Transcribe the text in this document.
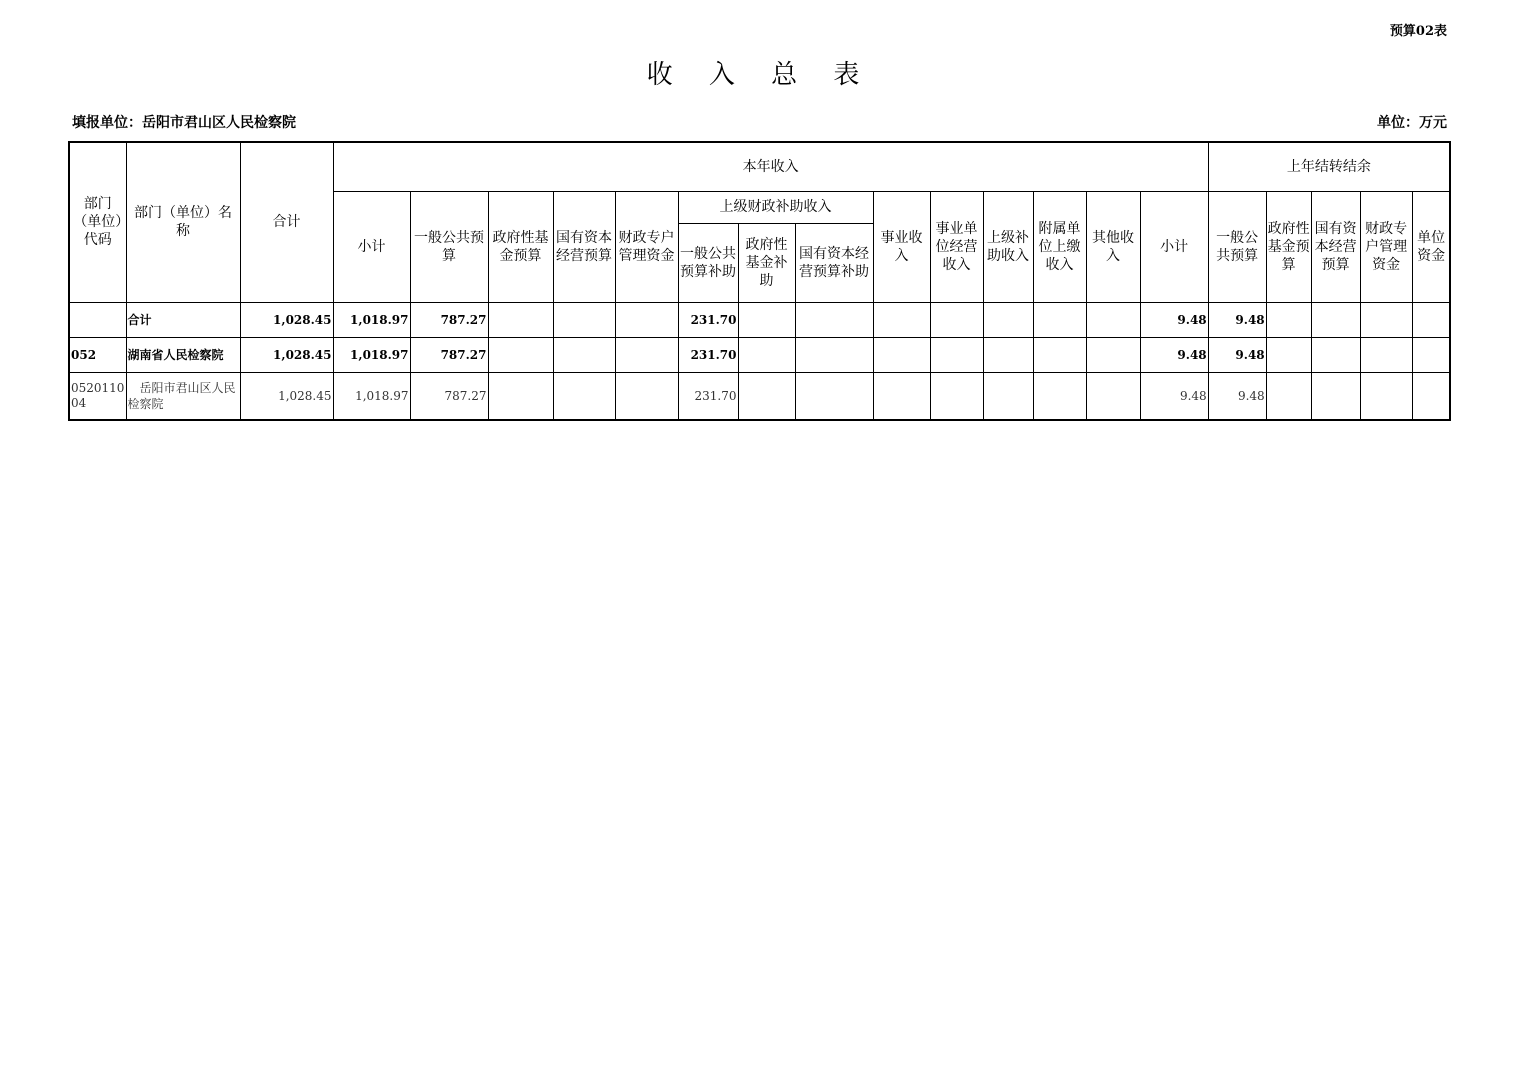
预算02表
收 入 总 表
填报单位：岳阳市君山区人民检察院	单位：万元
部门（单位）代码	部门（单位）名称	合计	本年收入														上年结转结余				
			小计	一般公共预算	政府性基金预算	国有资本经营预算	财政专户管理资金	上级财政补助收入			事业收入	事业单位经营收入	上级补助收入	附属单位上缴收入	其他收入	小计	一般公共预算	政府性基金预算	国有资本经营预算	财政专户管理资金	单位资金
								一般公共预算补助	政府性基金补助	国有资本经营预算补助											
	合计	1,028.45	1,018.97	787.27				231.70								9.48	9.48				
052	湖南省人民检察院	1,028.45	1,018.97	787.27				231.70								9.48	9.48				
052011004	岳阳市君山区人民检察院	1,028.45	1,018.97	787.27				231.70								9.48	9.48				
